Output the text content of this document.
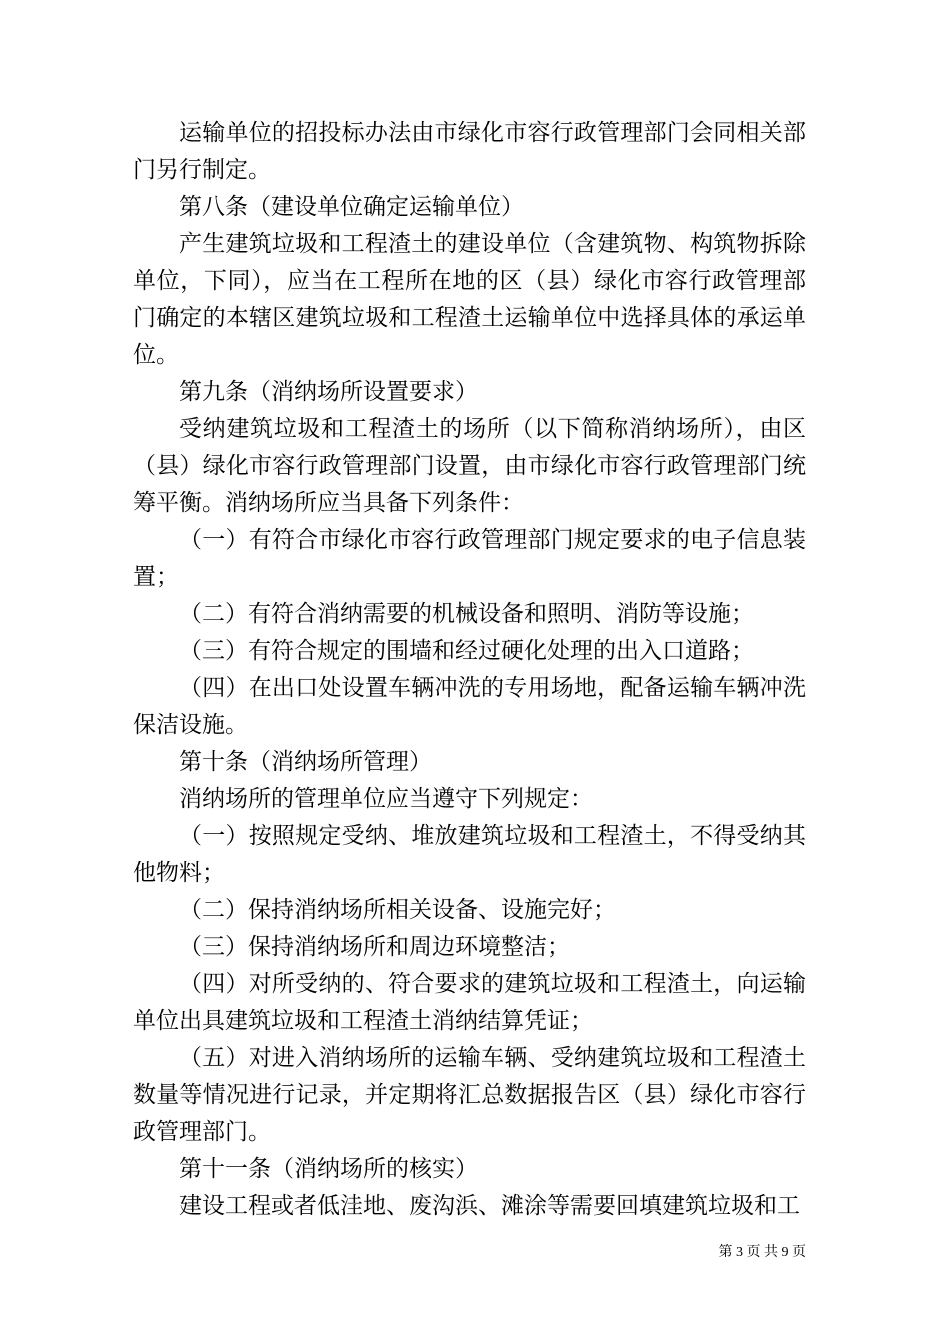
运输单位的招投标办法由市绿化市容行政管理部门会同相关部门另行制定。

第八条（建设单位确定运输单位）

产生建筑垃圾和工程渣土的建设单位（含建筑物、构筑物拆除单位，下同），应当在工程所在地的区（县）绿化市容行政管理部门确定的本辖区建筑垃圾和工程渣土运输单位中选择具体的承运单位。

第九条（消纳场所设置要求）

受纳建筑垃圾和工程渣土的场所（以下简称消纳场所），由区（县）绿化市容行政管理部门设置，由市绿化市容行政管理部门统筹平衡。消纳场所应当具备下列条件：

（一）有符合市绿化市容行政管理部门规定要求的电子信息装置；

（二）有符合消纳需要的机械设备和照明、消防等设施；

（三）有符合规定的围墙和经过硬化处理的出入口道路；

（四）在出口处设置车辆冲洗的专用场地，配备运输车辆冲洗保洁设施。

第十条（消纳场所管理）

消纳场所的管理单位应当遵守下列规定：

（一）按照规定受纳、堆放建筑垃圾和工程渣土，不得受纳其他物料；

（二）保持消纳场所相关设备、设施完好；

（三）保持消纳场所和周边环境整洁；

（四）对所受纳的、符合要求的建筑垃圾和工程渣土，向运输单位出具建筑垃圾和工程渣土消纳结算凭证；

（五）对进入消纳场所的运输车辆、受纳建筑垃圾和工程渣土数量等情况进行记录，并定期将汇总数据报告区（县）绿化市容行政管理部门。

第十一条（消纳场所的核实）

建设工程或者低洼地、废沟浜、滩涂等需要回填建筑垃圾和工

第 3 页 共 9 页
